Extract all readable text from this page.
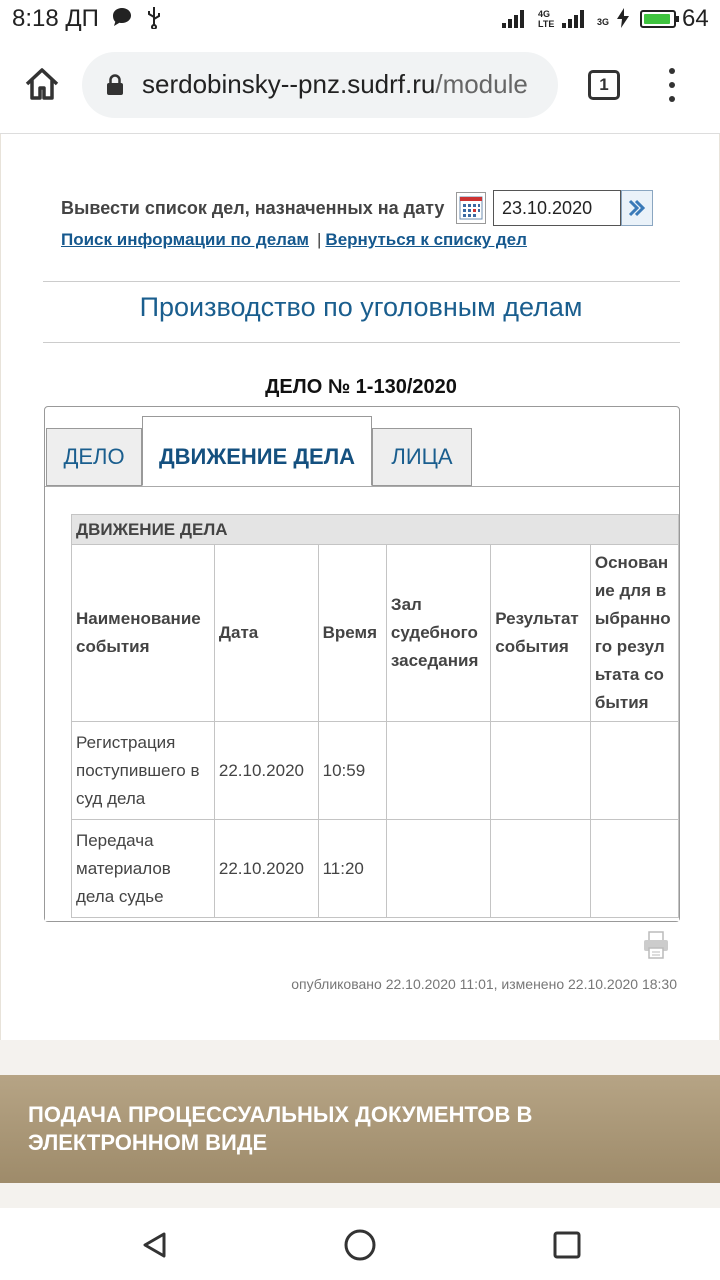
8:18 ДП	4G
LTE	3G	64
serdobinsky--pnz.sudrf.ru/module	1
Вывести список дел, назначенных на дату
23.10.2020
Поиск информации по делам | Вернуться к списку дел
Производство по уголовным делам
ДЕЛО № 1-130/2020
ДВИЖЕНИЕ ДЕЛА					
Наименование события	Дата	Время	Зал судебного заседания	Результат события	Основание для выбранного результата события
Регистрация поступившего в суд дела	22.10.2020	10:59			
Передача материалов дела судье	22.10.2020	11:20			
ДЕЛО	ДВИЖЕНИЕ ДЕЛА	ЛИЦА
опубликовано 22.10.2020 11:01, изменено 22.10.2020 18:30
ПОДАЧА ПРОЦЕССУАЛЬНЫХ ДОКУМЕНТОВ В ЭЛЕКТРОННОМ ВИДЕ
